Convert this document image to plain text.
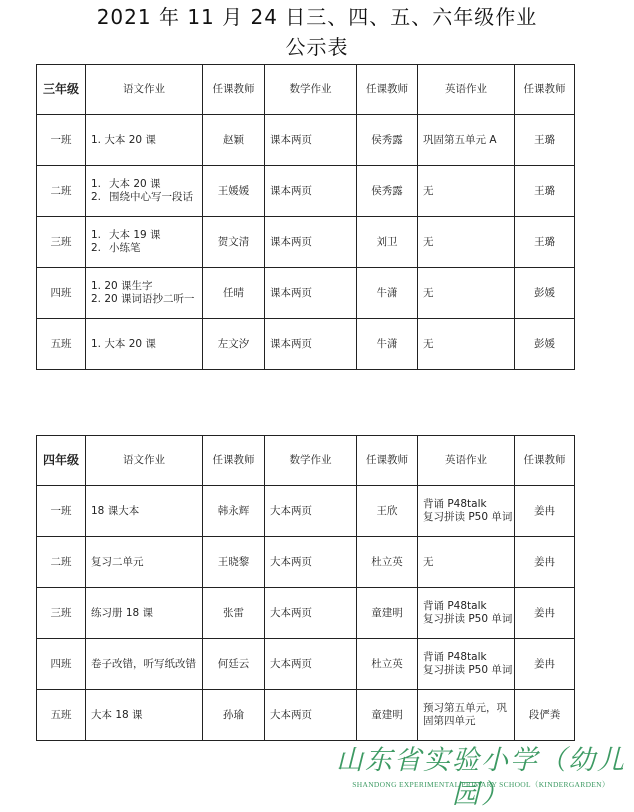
2021 年 11 月 24 日三、四、五、六年级作业
公示表
三年级	语文作业	任课教师	数学作业	任课教师	英语作业	任课教师
一班	1. 大本 20 课	赵颖	课本两页	侯秀露	巩固第五单元 A	王璐
二班	1. 大本 20 课
2. 围绕中心写一段话	王媛媛	课本两页	侯秀露	无	王璐
三班	1. 大本 19 课
2. 小练笔	贺文清	课本两页	刘卫	无	王璐
四班	1. 20 课生字
2. 20 课词语抄二听一	任晴	课本两页	牛潇	无	彭媛
五班	1. 大本 20 课	左文汐	课本两页	牛潇	无	彭媛
四年级	语文作业	任课教师	数学作业	任课教师	英语作业	任课教师
一班	18 课大本	韩永辉	大本两页	王欣	背诵 P48talk
复习拼读 P50 单词	姜冉
二班	复习二单元	王晓黎	大本两页	杜立英	无	姜冉
三班	练习册 18 课	张雷	大本两页	童建明	背诵 P48talk
复习拼读 P50 单词	姜冉
四班	卷子改错，听写纸改错	何廷云	大本两页	杜立英	背诵 P48talk
复习拼读 P50 单词	姜冉
五班	大本 18 课	孙瑜	大本两页	童建明	预习第五单元，巩
固第四单元	段俨粪
山东省实验小学（幼儿园）
SHANDONG EXPERIMENTAL PRIMARY SCHOOL（KINDERGARDEN）
